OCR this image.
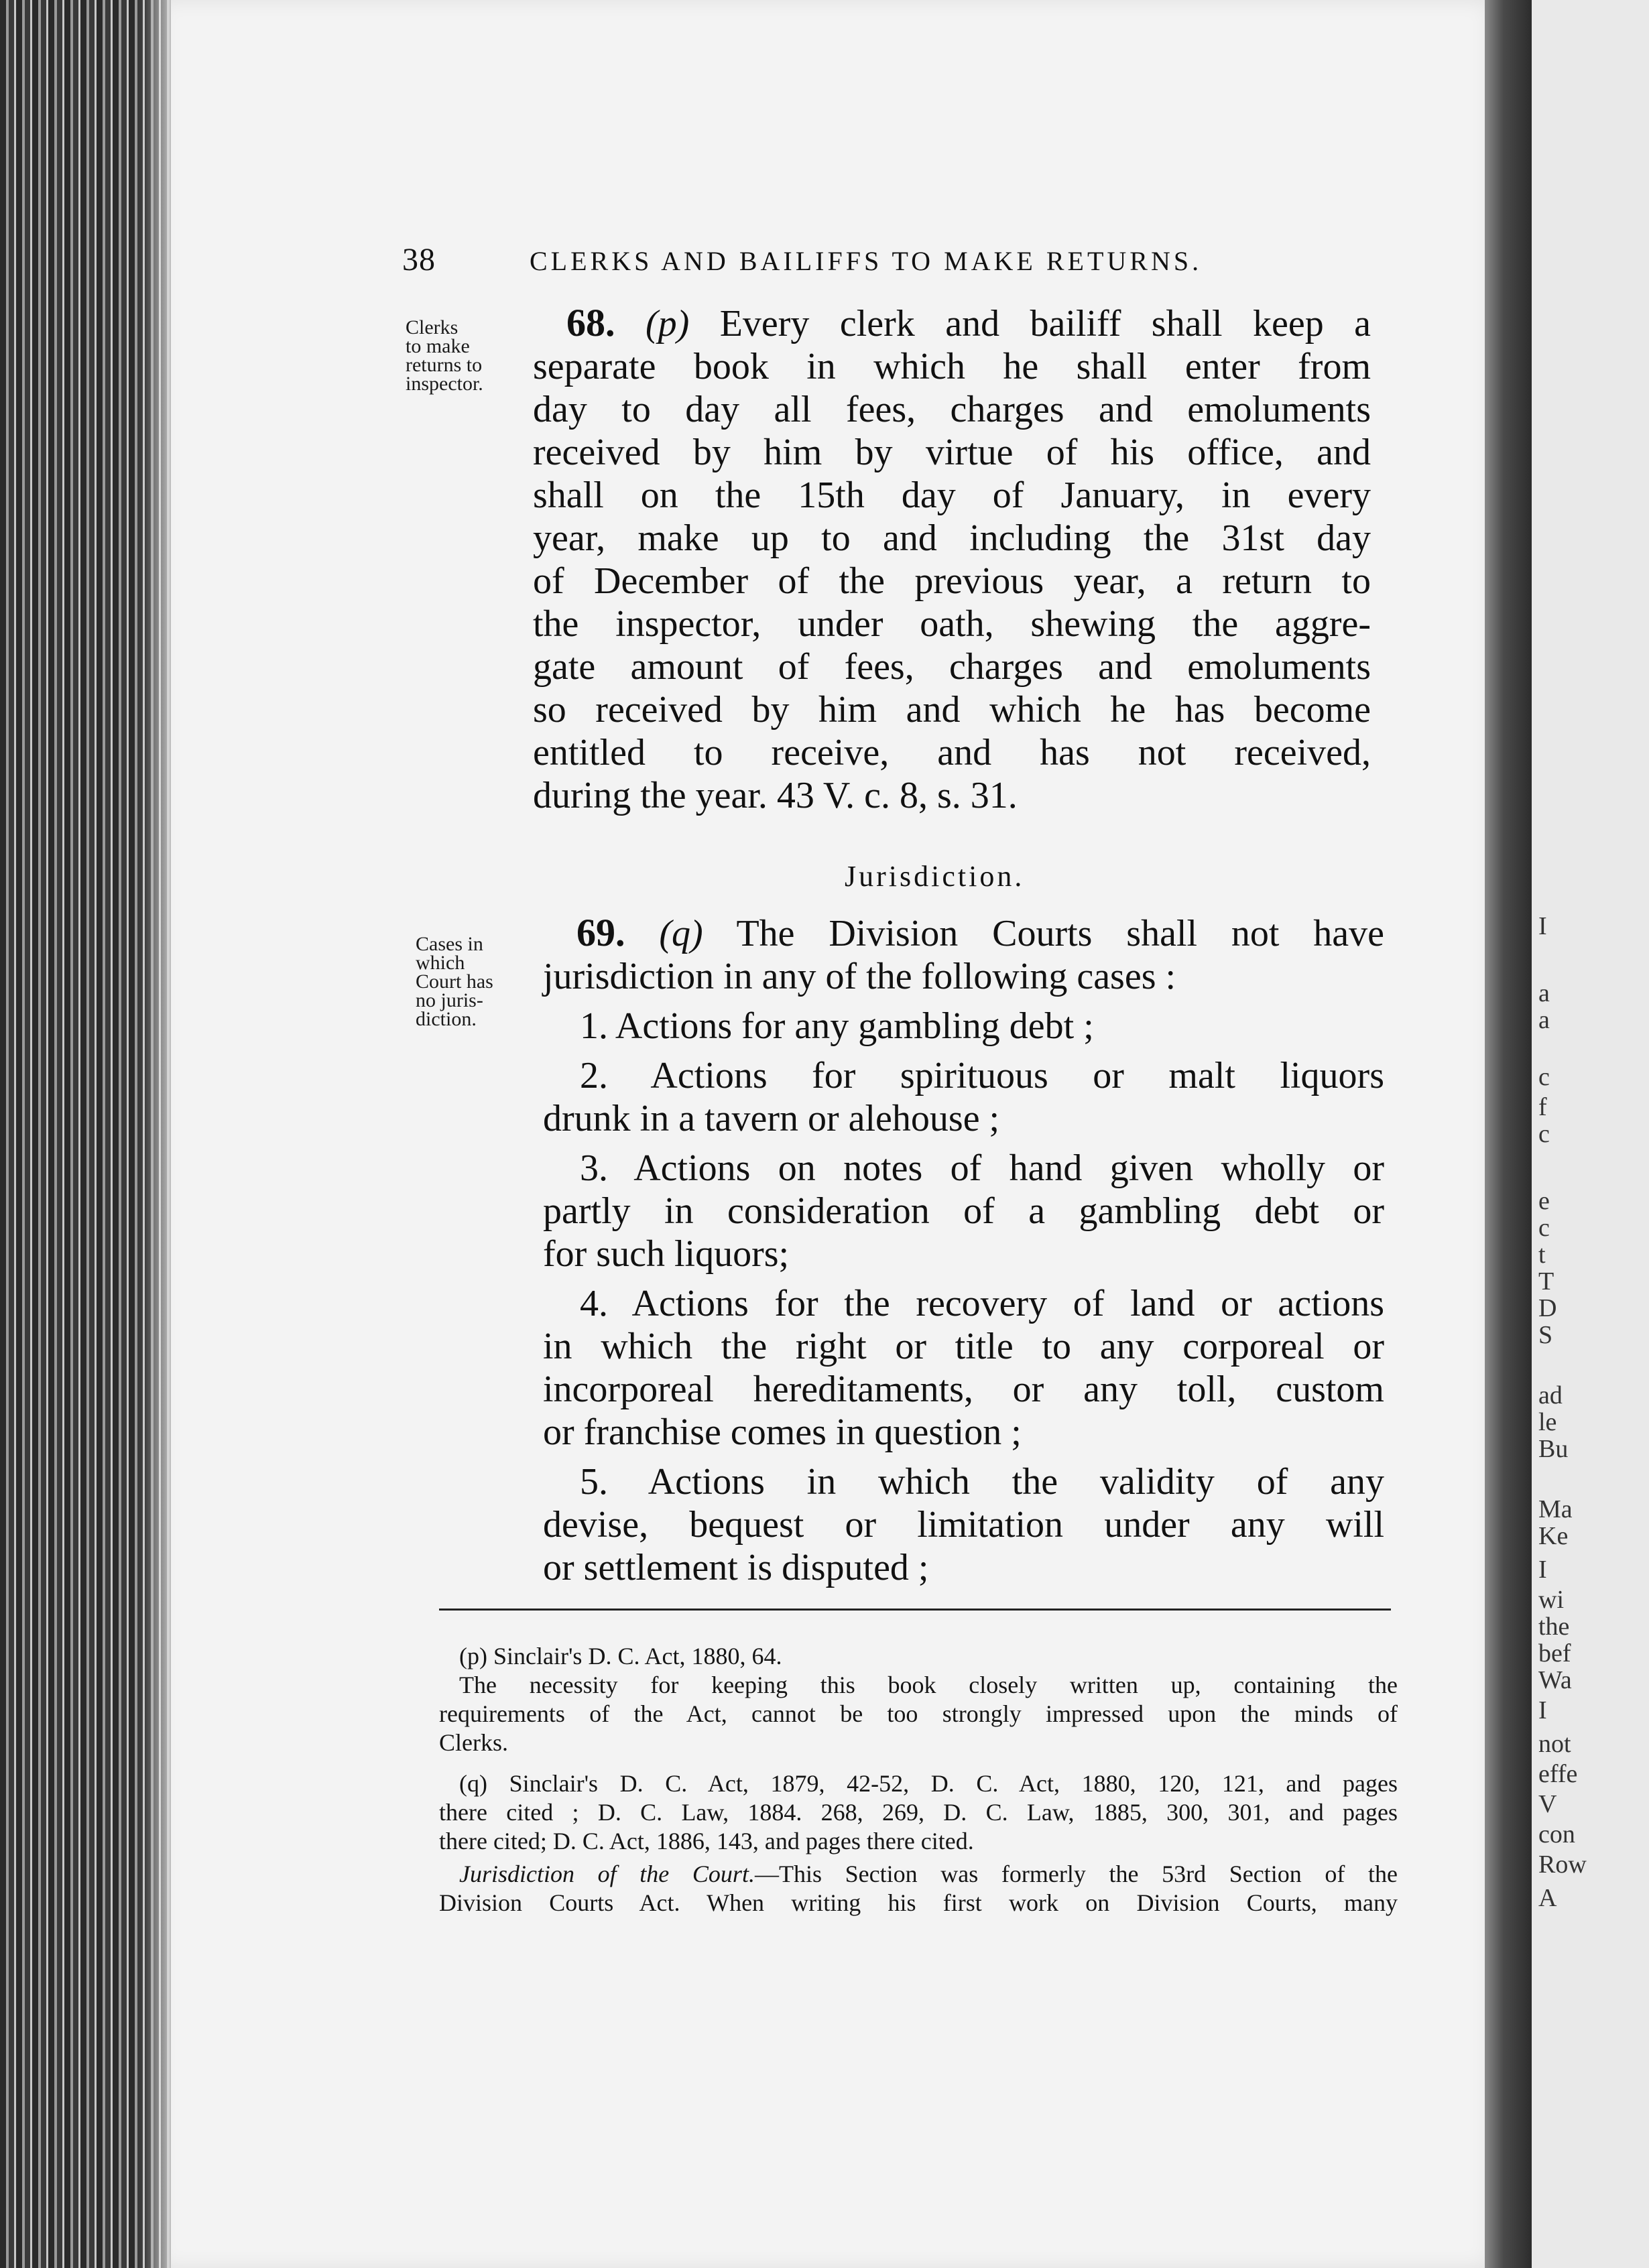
I
a
a
c
f
c
e
c
t
T
D
S
ad
le
Bu
Ma
Ke
I
wi
the
bef
Wa
I
not
effe
V
con
Row
A
38	CLERKS AND BAILIFFS TO MAKE RETURNS.
Clerks
to make
returns to
inspector.
68. (p) Every clerk and bailiff shall keep a
separate book in which he shall enter from
day to day all fees, charges and emoluments
received by him by virtue of his office, and
shall on the 15th day of January, in every
year, make up to and including the 31st day
of December of the previous year, a return to
the inspector, under oath, shewing the aggre-
gate amount of fees, charges and emoluments
so received by him and which he has become
entitled to receive, and has not received,
during the year. 43 V. c. 8, s. 31.
Jurisdiction.
Cases in
which
Court has
no juris-
diction.
69. (q) The Division Courts shall not have
jurisdiction in any of the following cases :
1. Actions for any gambling debt ;
2. Actions for spirituous or malt liquors
drunk in a tavern or alehouse ;
3. Actions on notes of hand given wholly or
partly in consideration of a gambling debt or
for such liquors;
4. Actions for the recovery of land or actions
in which the right or title to any corporeal or
incorporeal hereditaments, or any toll, custom
or franchise comes in question ;
5. Actions in which the validity of any
devise, bequest or limitation under any will
or settlement is disputed ;
(p) Sinclair's D. C. Act, 1880, 64.
The necessity for keeping this book closely written up, containing the
requirements of the Act, cannot be too strongly impressed upon the minds of
Clerks.
(q) Sinclair's D. C. Act, 1879, 42-52, D. C. Act, 1880, 120, 121, and pages
there cited ; D. C. Law, 1884. 268, 269, D. C. Law, 1885, 300, 301, and pages
there cited; D. C. Act, 1886, 143, and pages there cited.
Jurisdiction of the Court.—This Section was formerly the 53rd Section of the
Division Courts Act. When writing his first work on Division Courts, many
